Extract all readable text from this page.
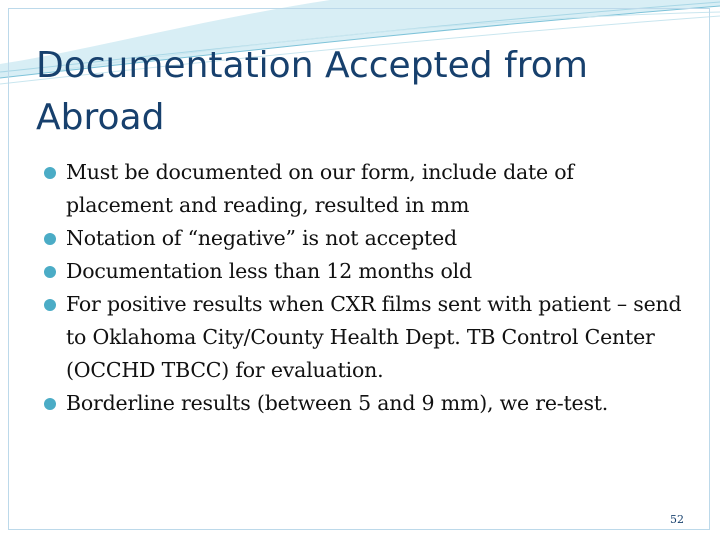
Documentation Accepted from Abroad
Must be documented on our form, include date of placement and reading, resulted in mm
Notation of “negative” is not accepted
Documentation less than 12 months old
For positive results when CXR films sent with patient – send to Oklahoma City/County Health Dept. TB Control Center (OCCHD TBCC) for evaluation.
Borderline results (between 5 and 9 mm), we re-test.
52
